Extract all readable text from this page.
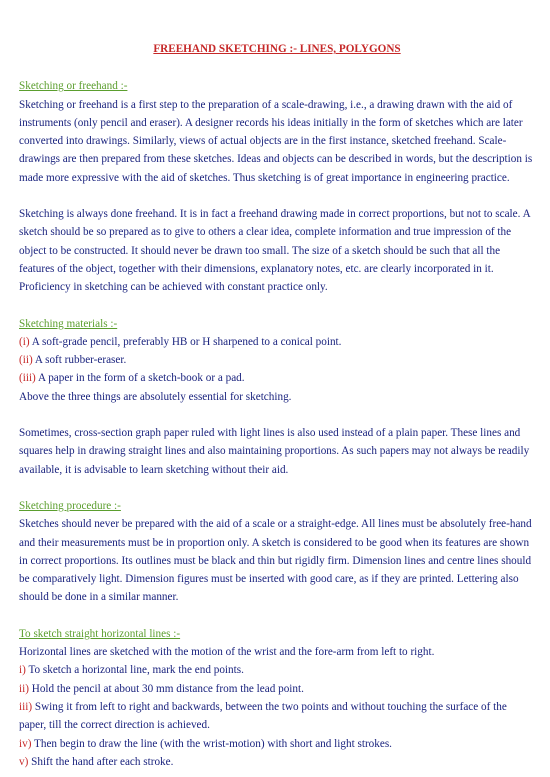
FREEHAND SKETCHING :- LINES, POLYGONS
Sketching or freehand :-

Sketching or freehand is a first step to the preparation of a scale-drawing, i.e., a drawing drawn with the aid of instruments (only pencil and eraser). A designer records his ideas initially in the form of sketches which are later converted into drawings. Similarly, views of actual objects are in the first instance, sketched freehand. Scale-drawings are then prepared from these sketches. Ideas and objects can be described in words, but the description is made more expressive with the aid of sketches. Thus sketching is of great importance in engineering practice.

Sketching is always done freehand. It is in fact a freehand drawing made in correct proportions, but not to scale. A sketch should be so prepared as to give to others a clear idea, complete information and true impression of the object to be constructed. It should never be drawn too small. The size of a sketch should be such that all the features of the object, together with their dimensions, explanatory notes, etc. are clearly incorporated in it. Proficiency in sketching can be achieved with constant practice only.

Sketching materials :-
(i) A soft-grade pencil, preferably HB or H sharpened to a conical point.
(ii) A soft rubber-eraser.
(iii) A paper in the form of a sketch-book or a pad.

Above the three things are absolutely essential for sketching.

Sometimes, cross-section graph paper ruled with light lines is also used instead of a plain paper. These lines and squares help in drawing straight lines and also maintaining proportions. As such papers may not always be readily available, it is advisable to learn sketching without their aid.

Sketching procedure :-

Sketches should never be prepared with the aid of a scale or a straight-edge. All lines must be absolutely free-hand and their measurements must be in proportion only. A sketch is considered to be good when its features are shown in correct proportions. Its outlines must be black and thin but rigidly firm. Dimension lines and centre lines should be comparatively light. Dimension figures must be inserted with good care, as if they are printed. Lettering also should be done in a similar manner.

To sketch straight horizontal lines :-

Horizontal lines are sketched with the motion of the wrist and the fore-arm from left to right.

i) To sketch a horizontal line, mark the end points.
ii) Hold the pencil at about 30 mm distance from the lead point.
iii) Swing it from left to right and backwards, between the two points and without touching the surface of the paper, till the correct direction is achieved.
iv) Then begin to draw the line (with the wrist-motion) with short and light strokes.
v) Shift the hand after each stroke.
